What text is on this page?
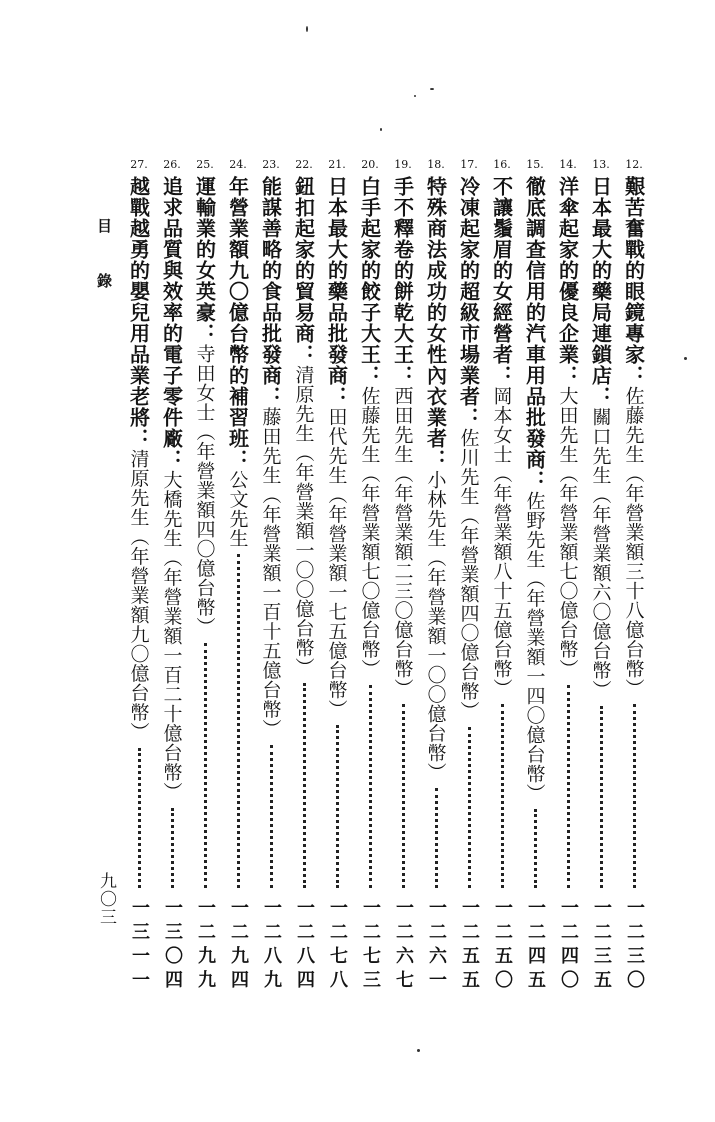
目錄
九〇三
12.
艱苦奮戰的眼鏡專家：佐藤先生（年營業額三十八億台幣）
一二三〇
13.
日本最大的藥局連鎖店：關口先生（年營業額六〇億台幣）
一二三五
14.
洋傘起家的優良企業：大田先生（年營業額七〇億台幣）
一二四〇
15.
徹底調查信用的汽車用品批發商：佐野先生（年營業額一四〇億台幣）
一二四五
16.
不讓鬚眉的女經營者：岡本女士（年營業額八十五億台幣）
一二五〇
17.
冷凍起家的超級市場業者：佐川先生（年營業額四〇億台幣）
一二五五
18.
特殊商法成功的女性內衣業者：小林先生（年營業額一〇〇億台幣）
一二六一
19.
手不釋卷的餅乾大王：西田先生（年營業額二三〇億台幣）
一二六七
20.
白手起家的餃子大王：佐藤先生（年營業額七〇億台幣）
一二七三
21.
日本最大的藥品批發商：田代先生（年營業額一七五億台幣）
一二七八
22.
鈕扣起家的貿易商：清原先生（年營業額一〇〇億台幣）
一二八四
23.
能謀善略的食品批發商：藤田先生（年營業額一百十五億台幣）
一二八九
24.
年營業額九〇億台幣的補習班：公文先生
一二九四
25.
運輸業的女英豪：寺田女士（年營業額四〇億台幣）
一二九九
26.
追求品質與效率的電子零件廠：大橋先生（年營業額一百二十億台幣）
一三〇四
27.
越戰越勇的嬰兒用品業老將：清原先生（年營業額九〇億台幣）
一三一一
